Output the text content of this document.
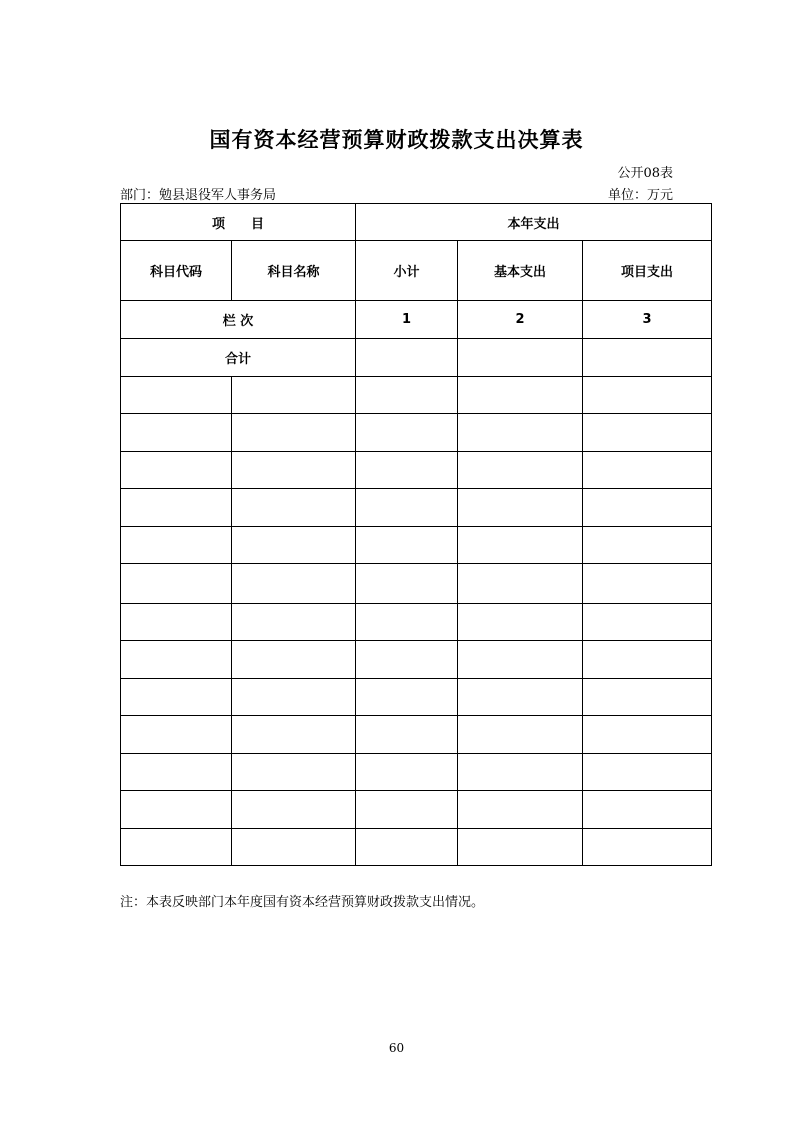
国有资本经营预算财政拨款支出决算表
公开08表
部门：勉县退役军人事务局	单位：万元
项　　目		本年支出		
科目代码	科目名称	小计	基本支出	项目支出
栏 次		1	2	3
合计				

注：本表反映部门本年度国有资本经营预算财政拨款支出情况。
60
